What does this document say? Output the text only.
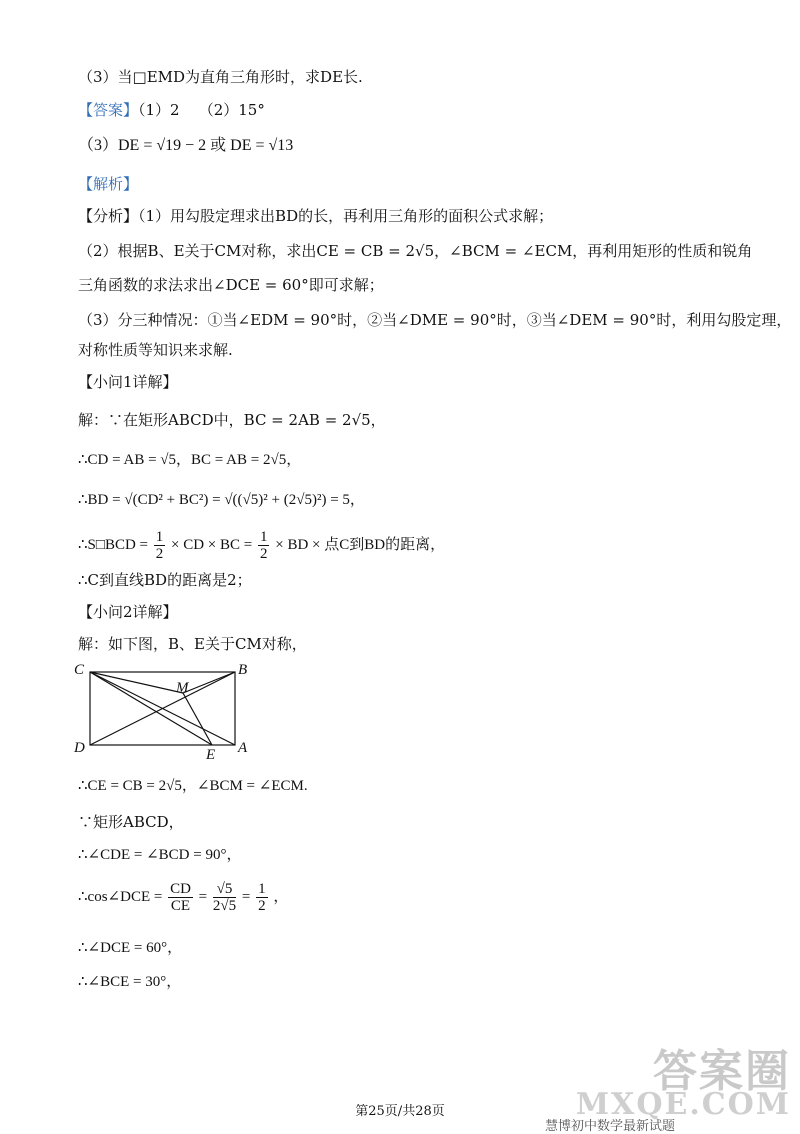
（3）当□EMD为直角三角形时，求DE长.
【答案】（1）2 （2）15°
（3）DE = √19 − 2 或 DE = √13
【解析】
【分析】（1）用勾股定理求出BD的长，再利用三角形的面积公式求解；
（2）根据B、E关于CM对称，求出CE = CB = 2√5，∠BCM = ∠ECM，再利用矩形的性质和锐角
三角函数的求法求出∠DCE = 60°即可求解；
（3）分三种情况：①当∠EDM = 90°时，②当∠DME = 90°时，③当∠DEM = 90°时，利用勾股定理，
对称性质等知识来求解.
【小问1详解】
解：∵在矩形ABCD中，BC = 2AB = 2√5，
∴CD = AB = √5，BC = AB = 2√5，
∴BD = √(CD² + BC²) = √((√5)² + (2√5)²) = 5，
∴S□BCD = $\frac{1}{2}$ × CD × BC = $\frac{1}{2}$ × BD × 点C到BD的距离，
∴C到直线BD的距离是2；
【小问2详解】
解：如下图，B、E关于CM对称，
C	B
M
D	E A
∴CE = CB = 2√5，∠BCM = ∠ECM.
∵矩形ABCD，
∴∠CDE = ∠BCD = 90°，
∴cos∠DCE = $\frac{CD}{CE} = \frac{√5}{2√5} = \frac{1}{2}$ ，
∴∠DCE = 60°，
∴∠BCE = 30°，
答案圈
MXQE.COM
慧博初中数学最新试题
第25页/共28页
